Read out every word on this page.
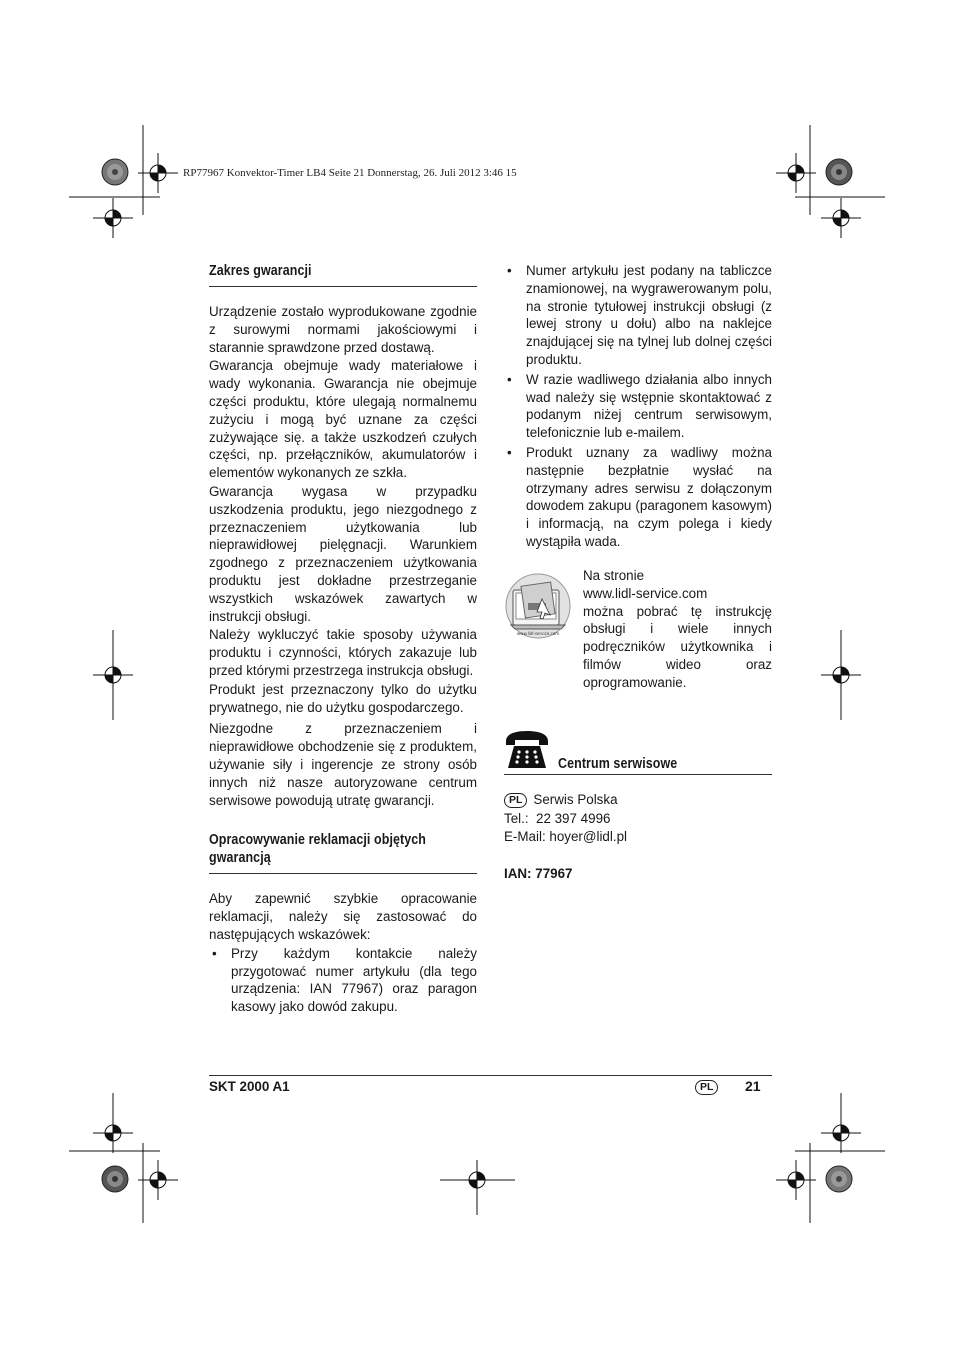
RP77967 Konvektor-Timer LB4 Seite 21 Donnerstag, 26. Juli 2012 3:46 15
Zakres gwarancji

Urządzenie zostało wyprodukowane zgodnie z surowymi normami jakościowymi i starannie sprawdzone przed dostawą.

Gwarancja obejmuje wady materiałowe i wady wykonania. Gwarancja nie obejmuje części produktu, które ulegają normalnemu zużyciu i mogą być uznane za części zużywające się. a także uszkodzeń czułych części, np. przełączników, akumulatorów i elementów wykonanych ze szkła.

Gwarancja wygasa w przypadku uszkodzenia produktu, jego niezgodnego z przeznaczeniem użytkowania lub nieprawidłowej pielęgnacji. Warunkiem zgodnego z przeznaczeniem użytkowania produktu jest dokładne przestrzeganie wszystkich wskazówek zawartych w instrukcji obsługi.

Należy wykluczyć takie sposoby używania produktu i czynności, których zakazuje lub przed którymi przestrzega instrukcja obsługi.

Produkt jest przeznaczony tylko do użytku prywatnego, nie do użytku gospodarczego.

Niezgodne z przeznaczeniem i nieprawidłowe obchodzenie się z produktem, używanie siły i ingerencje ze strony osób innych niż nasze autoryzowane centrum serwisowe powodują utratę gwarancji.

Opracowywanie reklamacji objętych gwarancją

Aby zapewnić szybkie opracowanie reklamacji, należy się zastosować do następujących wskazówek:

• Przy każdym kontakcie należy przygotować numer artykułu (dla tego urządzenia: IAN 77967) oraz paragon kasowy jako dowód zakupu.
• Numer artykułu jest podany na tabliczce znamionowej, na wygrawerowanym polu, na stronie tytułowej instrukcji obsługi (z lewej strony u dołu) albo na naklejce znajdującej się na tylnej lub dolnej części produktu.
• W razie wadliwego działania albo innych wad należy się wstępnie skontaktować z podanym niżej centrum serwisowym, telefonicznie lub e-mailem.
• Produkt uznany za wadliwy można następnie bezpłatnie wysłać na otrzymany adres serwisu z dołączonym dowodem zakupu (paragonem kasowym) i informacją, na czym polega i kiedy wystąpiła wada.
www.lidl-service.com
Na stronie
www.lidl-service.com
można pobrać tę instrukcję obsługi i wiele innych podręczników użytkownika i filmów wideo oraz oprogramowanie.
Centrum serwisowe
PL Serwis Polska
Tel.:  22 397 4996
E-Mail: hoyer@lidl.pl
IAN: 77967
SKT 2000 A1	PL	21
